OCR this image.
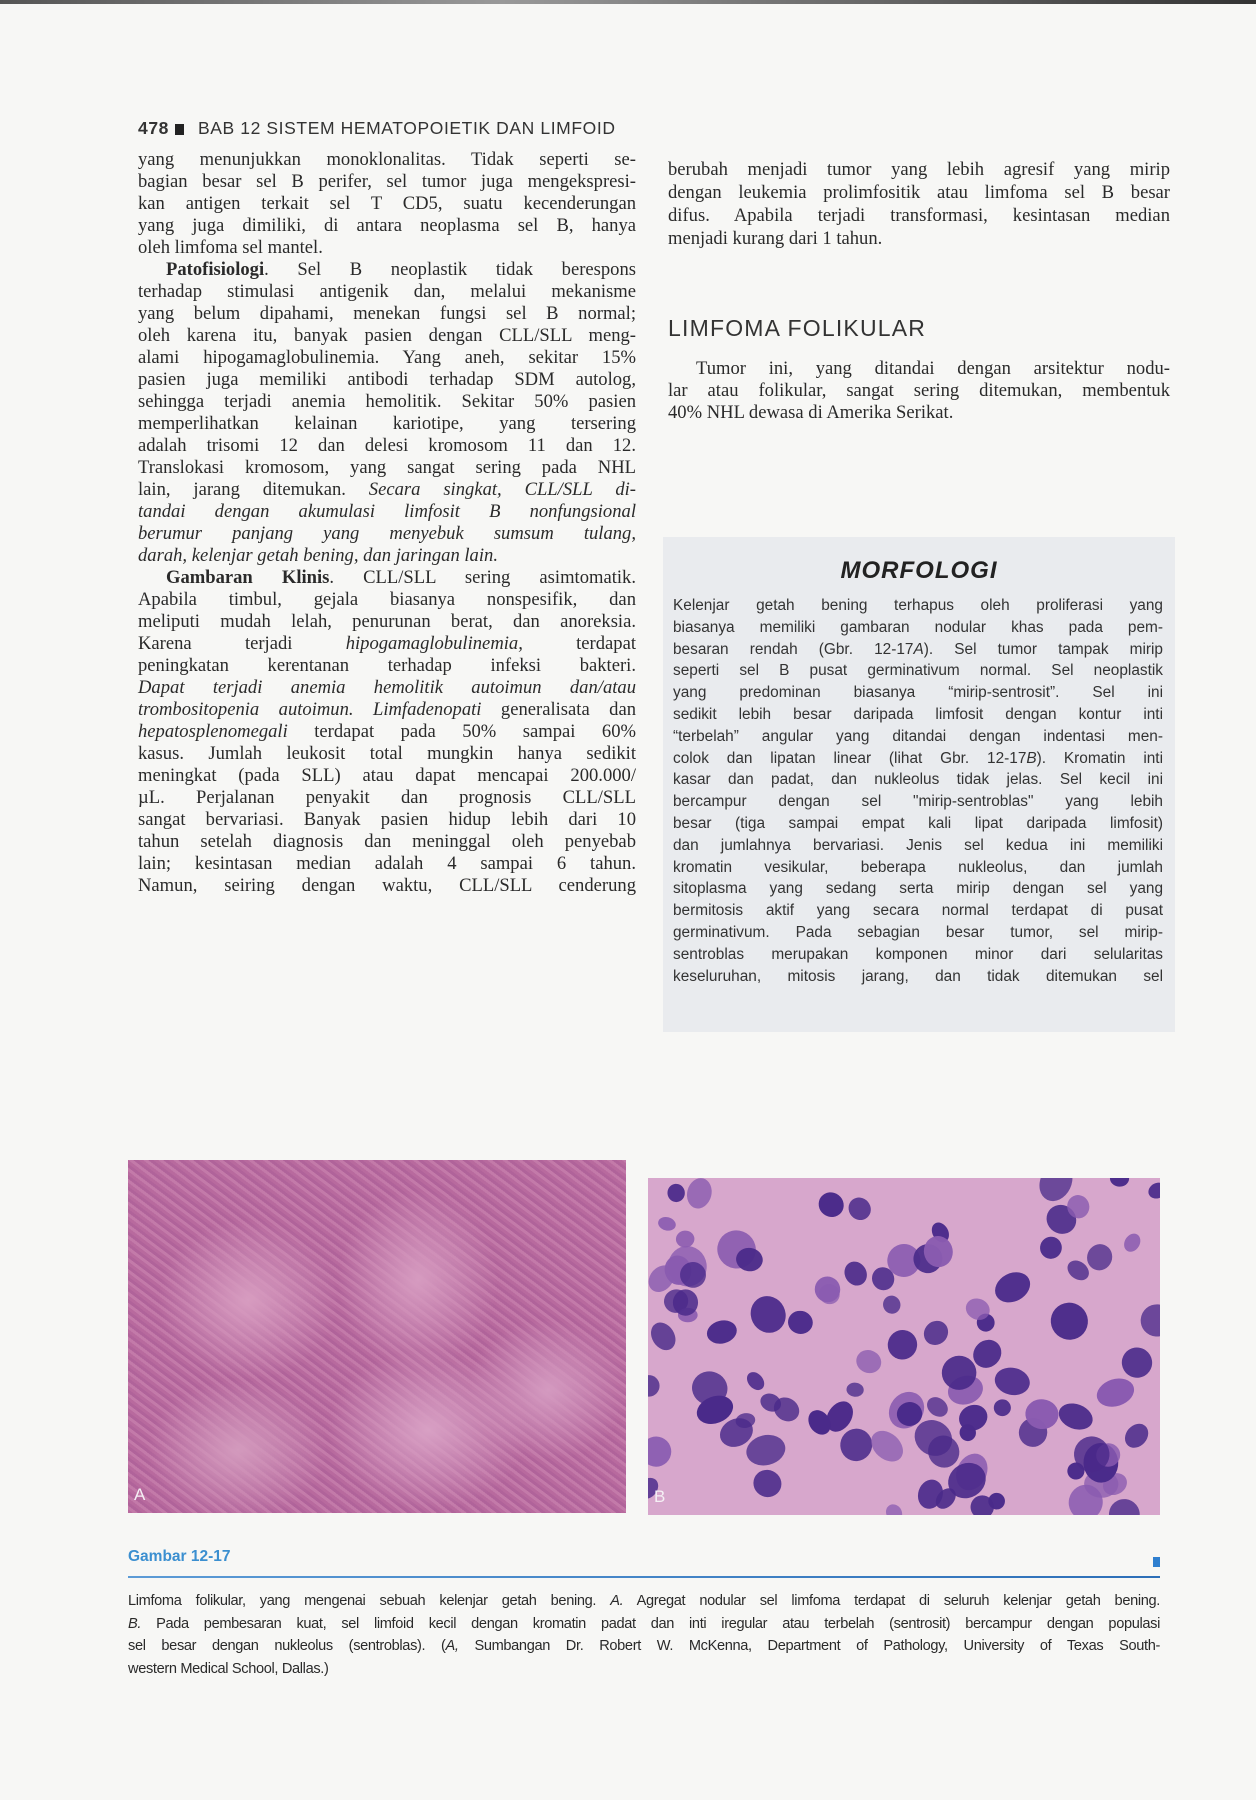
478 BAB 12 SISTEM HEMATOPOIETIK DAN LIMFOID
yang menunjukkan monoklonalitas. Tidak seperti se-
bagian besar sel B perifer, sel tumor juga mengekspresi-
kan antigen terkait sel T CD5, suatu kecenderungan
yang juga dimiliki, di antara neoplasma sel B, hanya
oleh limfoma sel mantel.
Patofisiologi. Sel B neoplastik tidak berespons
terhadap stimulasi antigenik dan, melalui mekanisme
yang belum dipahami, menekan fungsi sel B normal;
oleh karena itu, banyak pasien dengan CLL/SLL meng-
alami hipogamaglobulinemia. Yang aneh, sekitar 15%
pasien juga memiliki antibodi terhadap SDM autolog,
sehingga terjadi anemia hemolitik. Sekitar 50% pasien
memperlihatkan kelainan kariotipe, yang tersering
adalah trisomi 12 dan delesi kromosom 11 dan 12.
Translokasi kromosom, yang sangat sering pada NHL
lain, jarang ditemukan. Secara singkat, CLL/SLL di-
tandai dengan akumulasi limfosit B nonfungsional
berumur panjang yang menyebuk sumsum tulang,
darah, kelenjar getah bening, dan jaringan lain.
Gambaran Klinis. CLL/SLL sering asimtomatik.
Apabila timbul, gejala biasanya nonspesifik, dan
meliputi mudah lelah, penurunan berat, dan anoreksia.
Karena terjadi hipogamaglobulinemia, terdapat
peningkatan kerentanan terhadap infeksi bakteri.
Dapat terjadi anemia hemolitik autoimun dan/atau
trombositopenia autoimun. Limfadenopati generalisata dan
hepatosplenomegali terdapat pada 50% sampai 60%
kasus. Jumlah leukosit total mungkin hanya sedikit
meningkat (pada SLL) atau dapat mencapai 200.000/
µL. Perjalanan penyakit dan prognosis CLL/SLL
sangat bervariasi. Banyak pasien hidup lebih dari 10
tahun setelah diagnosis dan meninggal oleh penyebab
lain; kesintasan median adalah 4 sampai 6 tahun.
Namun, seiring dengan waktu, CLL/SLL cenderung
berubah menjadi tumor yang lebih agresif yang mirip
dengan leukemia prolimfositik atau limfoma sel B besar
difus. Apabila terjadi transformasi, kesintasan median
menjadi kurang dari 1 tahun.
LIMFOMA FOLIKULAR
Tumor ini, yang ditandai dengan arsitektur nodu-
lar atau folikular, sangat sering ditemukan, membentuk
40% NHL dewasa di Amerika Serikat.
MORFOLOGI
Kelenjar getah bening terhapus oleh proliferasi yang
biasanya memiliki gambaran nodular khas pada pem-
besaran rendah (Gbr. 12-17A). Sel tumor tampak mirip
seperti sel B pusat germinativum normal. Sel neoplastik
yang predominan biasanya “mirip-sentrosit”. Sel ini
sedikit lebih besar daripada limfosit dengan kontur inti
“terbelah” angular yang ditandai dengan indentasi men-
colok dan lipatan linear (lihat Gbr. 12-17B). Kromatin inti
kasar dan padat, dan nukleolus tidak jelas. Sel kecil ini
bercampur dengan sel "mirip-sentroblas" yang lebih
besar (tiga sampai empat kali lipat daripada limfosit)
dan jumlahnya bervariasi. Jenis sel kedua ini memiliki
kromatin vesikular, beberapa nukleolus, dan jumlah
sitoplasma yang sedang serta mirip dengan sel yang
bermitosis aktif yang secara normal terdapat di pusat
germinativum. Pada sebagian besar tumor, sel mirip-
sentroblas merupakan komponen minor dari selularitas
keseluruhan, mitosis jarang, dan tidak ditemukan sel
A	B
Gambar 12-17
Limfoma folikular, yang mengenai sebuah kelenjar getah bening. A. Agregat nodular sel limfoma terdapat di seluruh kelenjar getah bening.
B. Pada pembesaran kuat, sel limfoid kecil dengan kromatin padat dan inti iregular atau terbelah (sentrosit) bercampur dengan populasi
sel besar dengan nukleolus (sentroblas). (A, Sumbangan Dr. Robert W. McKenna, Department of Pathology, University of Texas South-
western Medical School, Dallas.)
